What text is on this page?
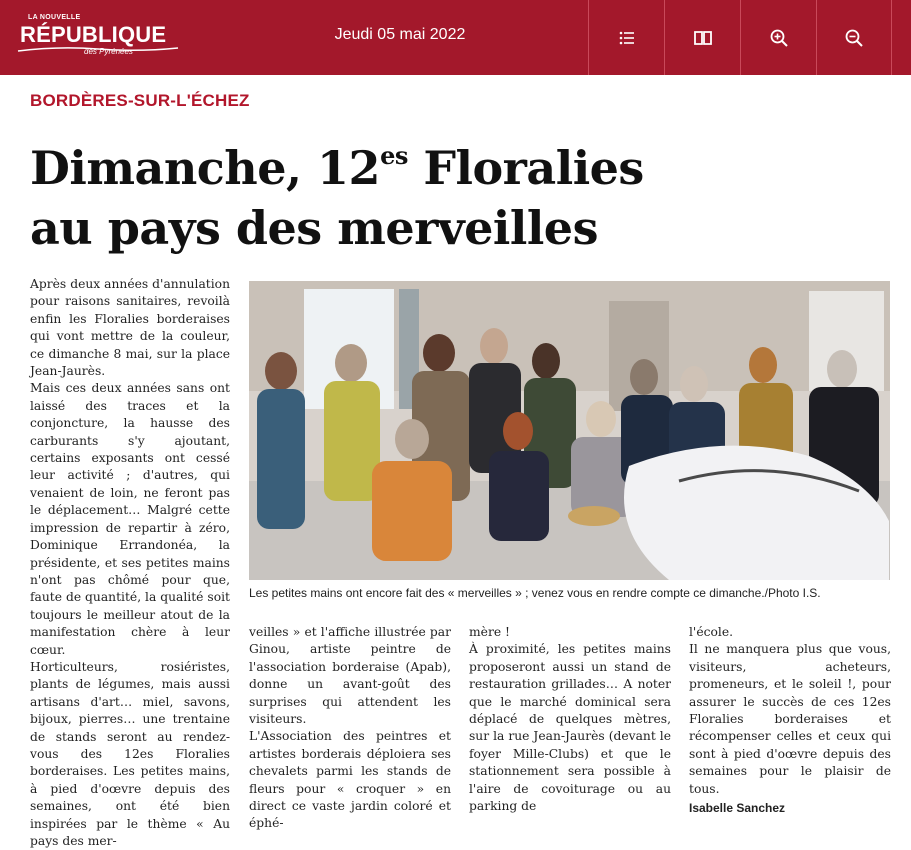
LA NOUVELLE
RÉPUBLIQUE
des Pyrénées
Jeudi 05 mai 2022
BORDÈRES-SUR-L'ÉCHEZ
Dimanche, $12^{es}$ Floralies
au pays des merveilles

Après deux années d'annulation pour raisons sanitaires, revoilà enfin les Floralies borderaises qui vont mettre de la couleur, ce dimanche 8 mai, sur la place Jean-Jaurès.

Mais ces deux années sans ont laissé des traces et la conjoncture, la hausse des carburants s'y ajoutant, certains exposants ont cessé leur activité ; d'autres, qui venaient de loin, ne feront pas le déplacement… Malgré cette impression de repartir à zéro, Dominique Errandonéa, la présidente, et ses petites mains n'ont pas chômé pour que, faute de quantité, la qualité soit toujours le meilleur atout de la manifestation chère à leur cœur.

Horticulteurs, rosiéristes, plants de légumes, mais aussi artisans d'art… miel, savons, bijoux, pierres… une trentaine de stands seront au rendez-vous des 12es Floralies borderaises. Les petites mains, à pied d'oœvre depuis des semaines, ont été bien inspirées par le thème « Au pays des mer-

Les petites mains ont encore fait des « merveilles » ; venez vous en rendre compte ce dimanche./Photo I.S.

veilles » et l'affiche illustrée par Ginou, artiste peintre de l'association borderaise (Apab), donne un avant-goût des surprises qui attendent les visiteurs.

L'Association des peintres et artistes borderais déploiera ses chevalets parmi les stands de fleurs pour « croquer » en direct ce vaste jardin coloré et éphé-

mère !

À proximité, les petites mains proposeront aussi un stand de restauration grillades… A noter que le marché dominical sera déplacé de quelques mètres, sur la rue Jean-Jaurès (devant le foyer Mille-Clubs) et que le stationnement sera possible à l'aire de covoiturage ou au parking de

l'école.

Il ne manquera plus que vous, visiteurs, acheteurs, promeneurs, et le soleil !, pour assurer le succès de ces 12es Floralies borderaises et récompenser celles et ceux qui sont à pied d'oœvre depuis des semaines pour le plaisir de tous.

Isabelle Sanchez
